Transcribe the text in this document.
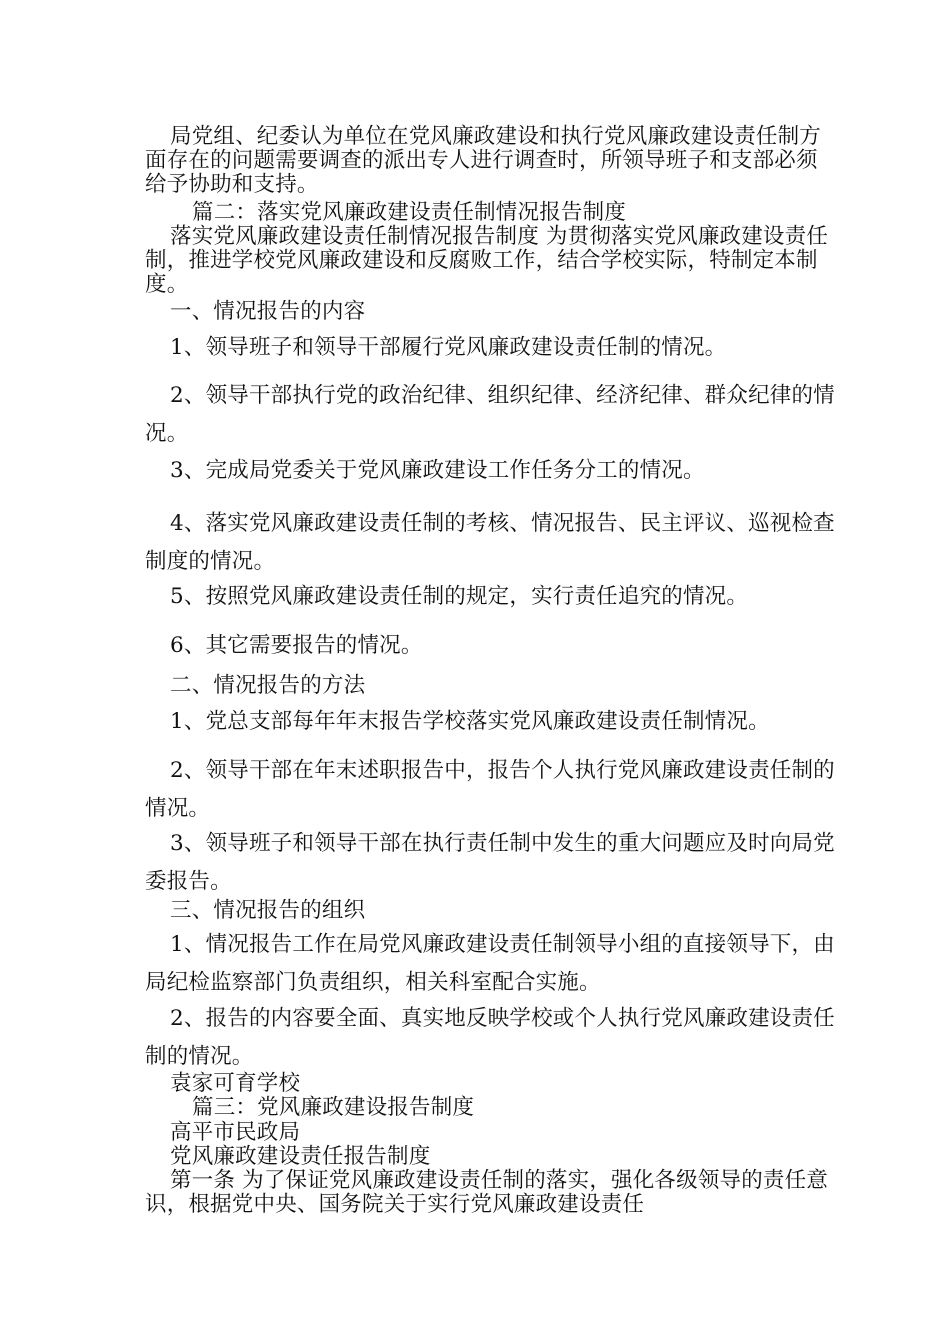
局党组、纪委认为单位在党风廉政建设和执行党风廉政建设责任制方面存在的问题需要调查的派出专人进行调查时，所领导班子和支部必须给予协助和支持。

篇二：落实党风廉政建设责任制情况报告制度

落实党风廉政建设责任制情况报告制度 为贯彻落实党风廉政建设责任制，推进学校党风廉政建设和反腐败工作，结合学校实际，特制定本制度。

一、情况报告的内容

1、领导班子和领导干部履行党风廉政建设责任制的情况。

2、领导干部执行党的政治纪律、组织纪律、经济纪律、群众纪律的情况。

3、完成局党委关于党风廉政建设工作任务分工的情况。

4、落实党风廉政建设责任制的考核、情况报告、民主评议、巡视检查制度的情况。

5、按照党风廉政建设责任制的规定，实行责任追究的情况。

6、其它需要报告的情况。

二、情况报告的方法

1、党总支部每年年末报告学校落实党风廉政建设责任制情况。

2、领导干部在年末述职报告中，报告个人执行党风廉政建设责任制的情况。

3、领导班子和领导干部在执行责任制中发生的重大问题应及时向局党委报告。

三、情况报告的组织

1、情况报告工作在局党风廉政建设责任制领导小组的直接领导下，由局纪检监察部门负责组织，相关科室配合实施。

2、报告的内容要全面、真实地反映学校或个人执行党风廉政建设责任制的情况。

袁家可育学校

篇三：党风廉政建设报告制度

高平市民政局

党风廉政建设责任报告制度

第一条 为了保证党风廉政建设责任制的落实，强化各级领导的责任意识，根据党中央、国务院关于实行党风廉政建设责任
